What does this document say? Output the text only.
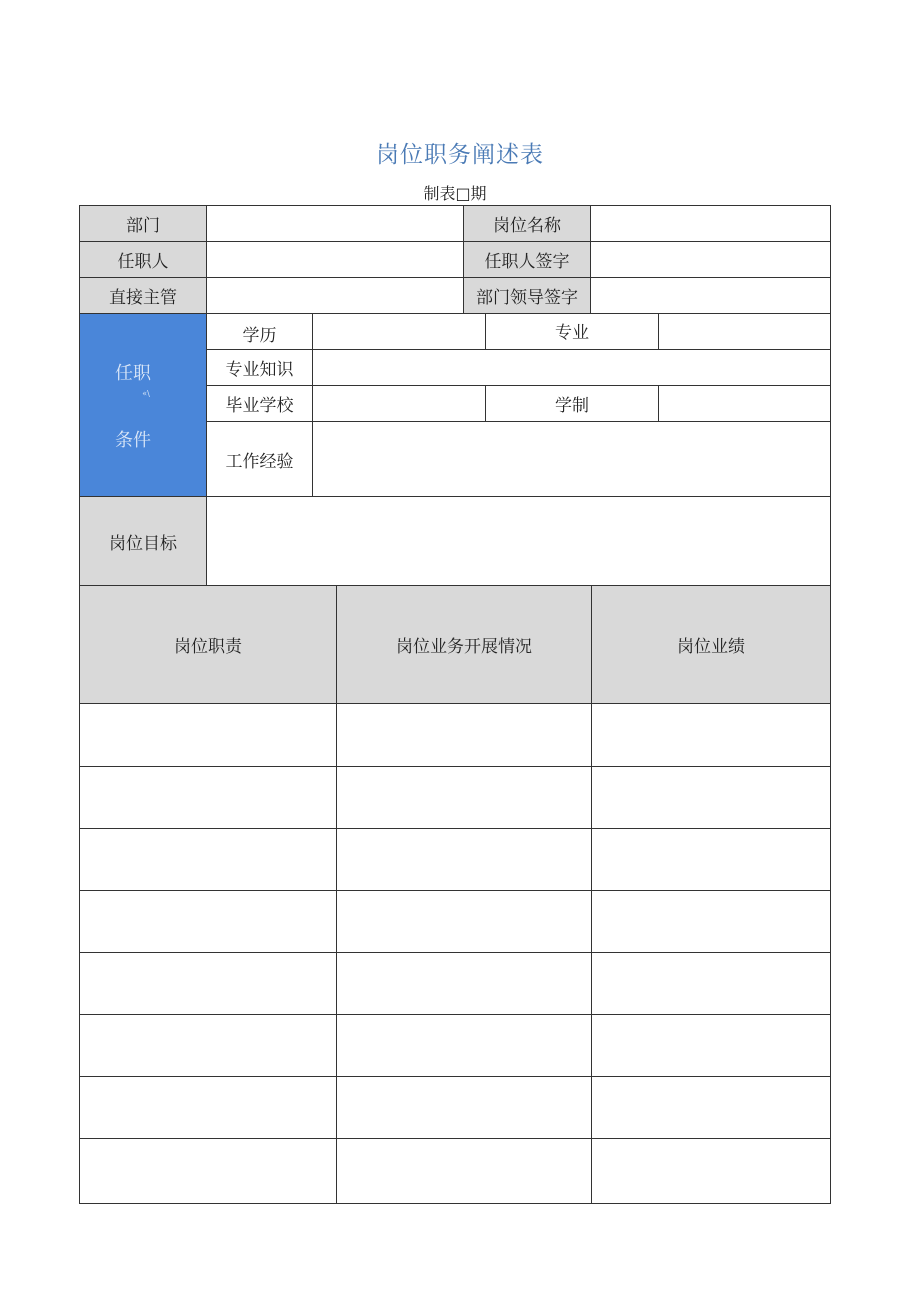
岗位职务阐述表
制表□期
部门	岗位名称
任职人	任职人签字
直接主管	部门领导签字
任职
«\
条件
学历	专业
专业知识
毕业学校	学制
工作经验
岗位目标
岗位职责	岗位业务开展情况	岗位业绩
